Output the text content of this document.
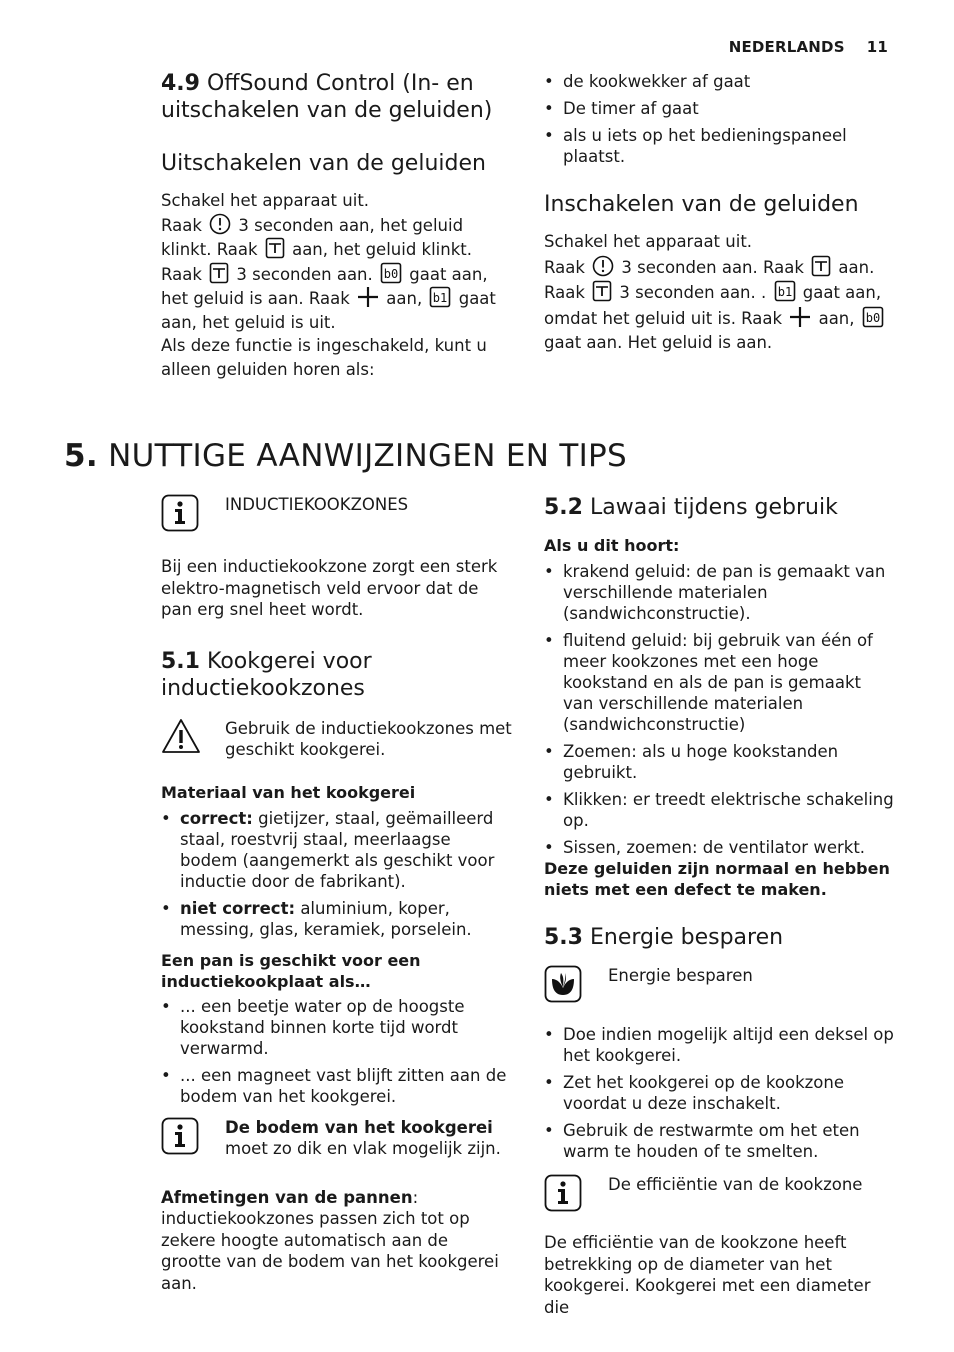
NEDERLANDS 11
4.9 OffSound Control (In- en
uitschakelen van de geluiden)
Uitschakelen van de geluiden
Schakel het apparaat uit.
Raak 3 seconden aan, het geluid
klinkt. Raak aan, het geluid klinkt.
Raak 3 seconden aan. b0 gaat aan,
het geluid is aan. Raak aan, b1 gaat
aan, het geluid is uit.
Als deze functie is ingeschakeld, kunt u
alleen geluiden horen als:
• de kookwekker af gaat
• De timer af gaat
• als u iets op het bedieningspaneel plaatst.
Inschakelen van de geluiden
Schakel het apparaat uit.
Raak 3 seconden aan. Raak aan.
Raak 3 seconden aan. . b1 gaat aan,
omdat het geluid uit is. Raak aan, b0

gaat aan. Het geluid is aan.
5. NUTTIGE AANWIJZINGEN EN TIPS
INDUCTIEKOOKZONES

Bij een inductiekookzone zorgt een sterk elektro-magnetisch veld ervoor dat de pan erg snel heet wordt.

5.1 Kookgerei voor
inductiekookzones
Gebruik de inductiekookzones met geschikt kookgerei.

Materiaal van het kookgerei

• correct: gietijzer, staal, geëmailleerd staal, roestvrij staal, meerlaagse bodem (aangemerkt als geschikt voor inductie door de fabrikant).
• niet correct: aluminium, koper, messing, glas, keramiek, porselein.

Een pan is geschikt voor een inductiekookplaat als…

• ... een beetje water op de hoogste kookstand binnen korte tijd wordt verwarmd.
• ... een magneet vast blijft zitten aan de bodem van het kookgerei.
De bodem van het kookgerei moet zo dik en vlak mogelijk zijn.

Afmetingen van de pannen: inductiekookzones passen zich tot op zekere hoogte automatisch aan de grootte van de bodem van het kookgerei aan.

5.2 Lawaai tijdens gebruik

Als u dit hoort:

• krakend geluid: de pan is gemaakt van verschillende materialen (sandwichconstructie).
• fluitend geluid: bij gebruik van één of meer kookzones met een hoge kookstand en als de pan is gemaakt van verschillende materialen (sandwichconstructie)
• Zoemen: als u hoge kookstanden gebruikt.
• Klikken: er treedt elektrische schakeling op.
• Sissen, zoemen: de ventilator werkt.

Deze geluiden zijn normaal en hebben niets met een defect te maken.

5.3 Energie besparen
Energie besparen
• Doe indien mogelijk altijd een deksel op het kookgerei.
• Zet het kookgerei op de kookzone voordat u deze inschakelt.
• Gebruik de restwarmte om het eten warm te houden of te smelten.
De efficiëntie van de kookzone

De efficiëntie van de kookzone heeft betrekking op de diameter van het kookgerei. Kookgerei met een diameter die
